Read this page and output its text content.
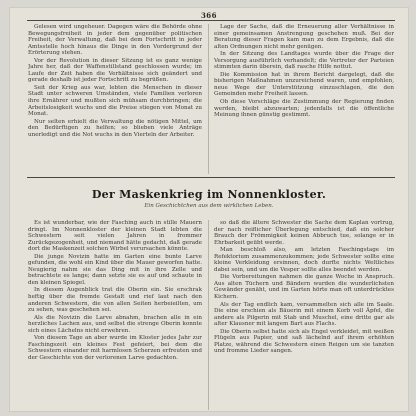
366

Gelesen wird ungeheuer. Dagegen wäre die Behörde ohne Bewegungsfreiheit in jeder dem gegenüber politischen Freiheit, der Verwaltung, daß bei dem Fortschritt in jeder Amtsstelle hoch hinaus die Dinge in den Vordergrund der Erörterung stehen.

Vor der Revolution in dieser Sitzung ist es ganz wenige Jahre her, daß der Waffenstillstand geschlossen wurde; im Laufe der Zeit haben die Verhältnisse sich geändert und gerade deshalb ist jeder Fortschritt zu begrüßen.

Seit der Krieg aus war, lebten die Menschen in dieser Stadt unter schweren Umständen, viele Familien verloren ihre Ernährer und mußten sich mühsam durchbringen; die Arbeitslosigkeit wuchs und die Preise stiegen von Monat zu Monat.

Nur selten erhielt die Verwaltung die nötigen Mittel, um den Bedürftigen zu helfen; so blieben viele Anträge unerledigt und die Not wuchs in den Vierteln der Arbeiter.

Lage der Sache, daß die Erneuerung aller Verhältnisse in einer gemeinsamen Anstrengung geschehen muß. Bei der Beratung dieser Fragen kam man zu dem Ergebnis, daß die alten Ordnungen nicht mehr genügen.

In der Sitzung des Landtages wurde über die Frage der Versorgung ausführlich verhandelt; die Vertreter der Parteien stimmten darin überein, daß rasche Hilfe nottut.

Die Kommission hat in ihrem Bericht dargelegt, daß die bisherigen Maßnahmen unzureichend waren, und empfohlen, neue Wege der Unterstützung einzuschlagen, die den Gemeinden mehr Freiheit lassen.

Ob diese Vorschläge die Zustimmung der Regierung finden werden, bleibt abzuwarten; jedenfalls ist die öffentliche Meinung ihnen günstig gestimmt.

Der Maskenkrieg im Nonnenkloster.
Ein Geschichtchen aus dem wirklichen Leben.

Es ist wunderbar, wie der Fasching auch in stille Mauern dringt. Im Nonnenkloster der kleinen Stadt lebten die Schwestern seit vielen Jahren in frommer Zurückgezogenheit, und niemand hätte gedacht, daß gerade dort die Maskenzeit solchen Wirbel verursachen könnte.

Die junge Novizin hatte im Garten eine bunte Larve gefunden, die wohl ein Kind über die Mauer geworfen hatte. Neugierig nahm sie das Ding mit in ihre Zelle und betrachtete es lange; dann setzte sie es auf und schaute in den kleinen Spiegel.

In diesem Augenblick trat die Oberin ein. Sie erschrak heftig über die fremde Gestalt und rief laut nach den anderen Schwestern, die von allen Seiten herbeieilten, um zu sehen, was geschehen sei.

Als die Novizin die Larve abnahm, brachen alle in ein herzliches Lachen aus, und selbst die strenge Oberin konnte sich eines Lächelns nicht erwehren.

Von diesem Tage an aber wurde im Kloster jedes Jahr zur Faschingszeit ein kleines Fest gefeiert, bei dem die Schwestern einander mit harmlosen Scherzen erfreuten und der Geschichte von der verlorenen Larve gedachten.

so daß die ältere Schwester die Sache dem Kaplan vortrug, der nach reiflicher Überlegung entschied, daß ein solcher Brauch der Frömmigkeit keinen Abbruch tue, solange er in Ehrbarkeit geübt werde.

Man beschloß also, am letzten Faschingstage im Refektorium zusammenzukommen; jede Schwester sollte eine kleine Verkleidung ersinnen, doch durfte nichts Weltliches dabei sein, und um die Vesper sollte alles beendet werden.

Die Vorbereitungen nahmen die ganze Woche in Anspruch. Aus alten Tüchern und Bändern wurden die wunderlichsten Gewänder genäht, und im Garten hörte man oft unterdrücktes Kichern.

Als der Tag endlich kam, versammelten sich alle im Saale. Die eine erschien als Bäuerin mit einem Korb voll Äpfel, die andere als Pilgerin mit Stab und Muschel, eine dritte gar als alter Klausner mit langem Bart aus Flachs.

Die Oberin selbst hatte sich als Engel verkleidet, mit weißen Flügeln aus Papier, und saß lächelnd auf ihrem erhöhten Platze, während die Schwestern einen Reigen um sie tanzten und fromme Lieder sangen.
